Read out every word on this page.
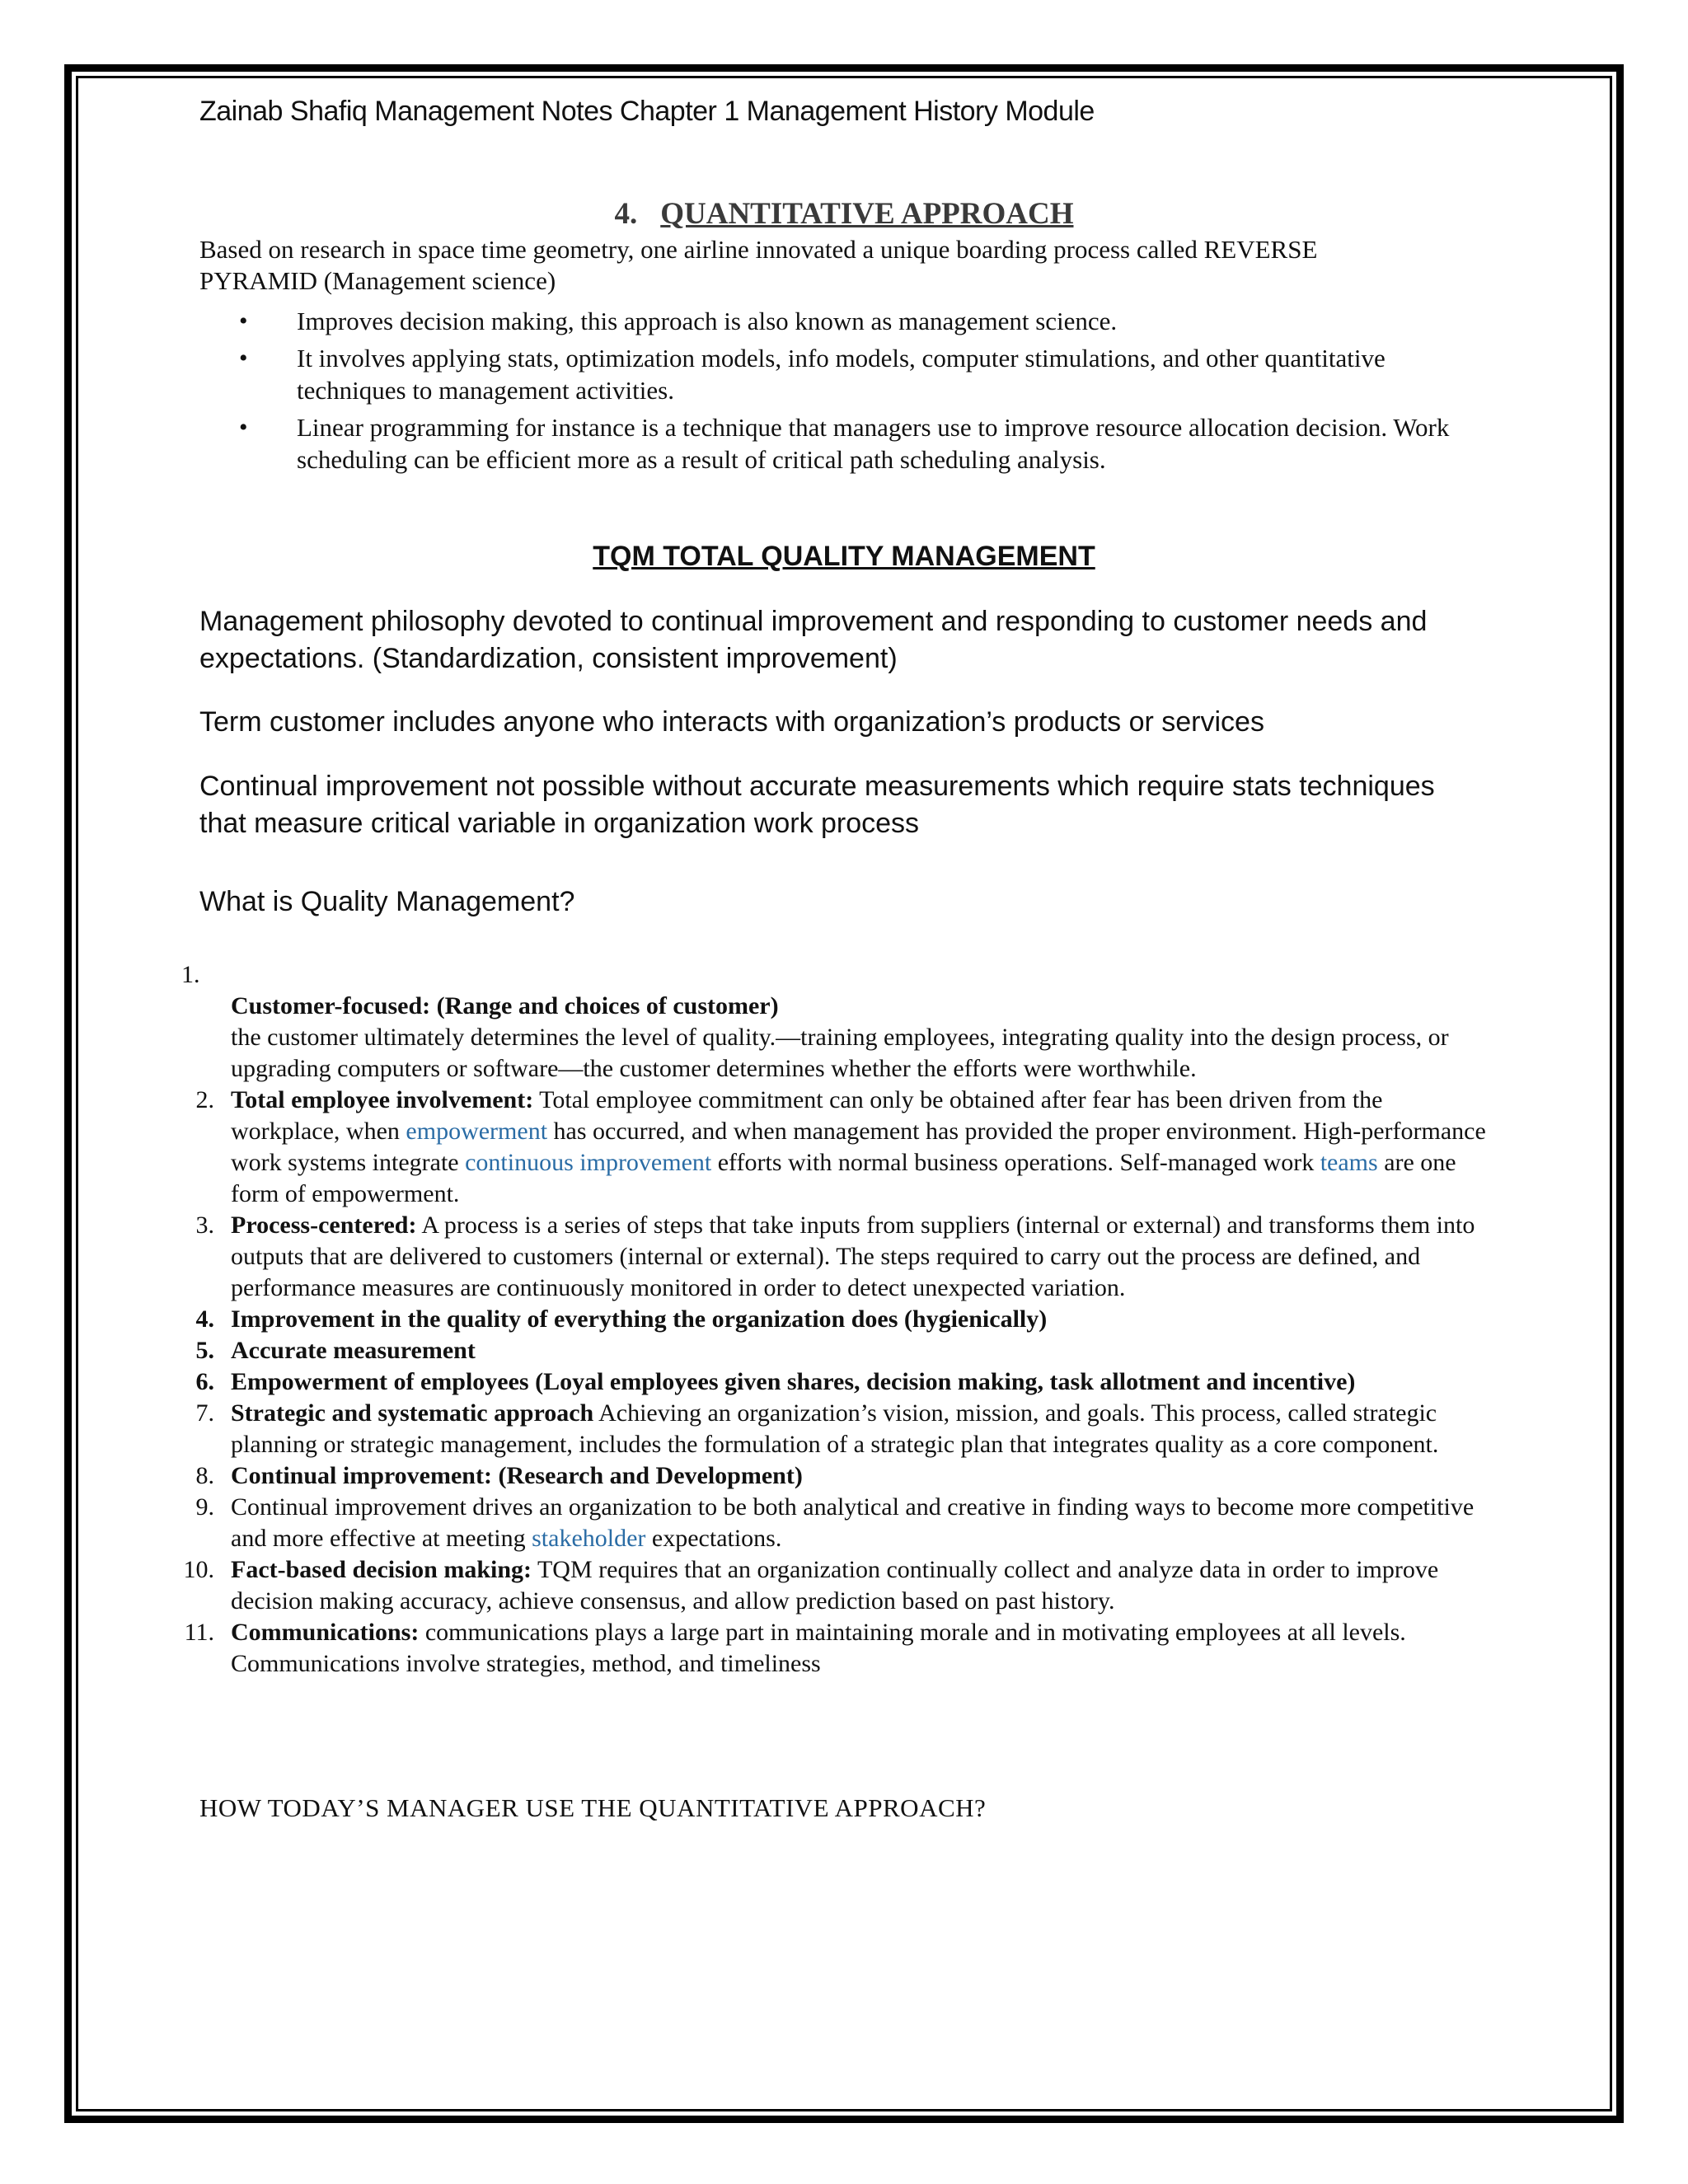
Zainab Shafiq Management Notes Chapter 1 Management History Module
4. QUANTITATIVE APPROACH
Based on research in space time geometry, one airline innovated a unique boarding process called REVERSE
PYRAMID (Management science)
• Improves decision making, this approach is also known as management science.
• It involves applying stats, optimization models, info models, computer stimulations, and other quantitative techniques to management activities.
• Linear programming for instance is a technique that managers use to improve resource allocation decision. Work scheduling can be efficient more as a result of critical path scheduling analysis.
TQM TOTAL QUALITY MANAGEMENT
Management philosophy devoted to continual improvement and responding to customer needs and expectations. (Standardization, consistent improvement)
Term customer includes anyone who interacts with organization’s products or services
Continual improvement not possible without accurate measurements which require stats techniques that measure critical variable in organization work process
What is Quality Management?
1.
Customer-focused: (Range and choices of customer)
the customer ultimately determines the level of quality.—training employees, integrating quality into the design process, or upgrading computers or software—the customer determines whether the efforts were worthwhile.
2. Total employee involvement: Total employee commitment can only be obtained after fear has been driven from the workplace, when empowerment has occurred, and when management has provided the proper environment. High-performance work systems integrate continuous improvement efforts with normal business operations. Self-managed work teams are one form of empowerment.
3. Process-centered: A process is a series of steps that take inputs from suppliers (internal or external) and transforms them into outputs that are delivered to customers (internal or external). The steps required to carry out the process are defined, and performance measures are continuously monitored in order to detect unexpected variation.
4. Improvement in the quality of everything the organization does (hygienically)
5. Accurate measurement
6. Empowerment of employees (Loyal employees given shares, decision making, task allotment and incentive)
7. Strategic and systematic approach Achieving an organization’s vision, mission, and goals. This process, called strategic planning or strategic management, includes the formulation of a strategic plan that integrates quality as a core component.
8. Continual improvement: (Research and Development)
9. Continual improvement drives an organization to be both analytical and creative in finding ways to become more competitive and more effective at meeting stakeholder expectations.
10. Fact-based decision making: TQM requires that an organization continually collect and analyze data in order to improve decision making accuracy, achieve consensus, and allow prediction based on past history.
11. Communications: communications plays a large part in maintaining morale and in motivating employees at all levels. Communications involve strategies, method, and timeliness
HOW TODAY’S MANAGER USE THE QUANTITATIVE APPROACH?
